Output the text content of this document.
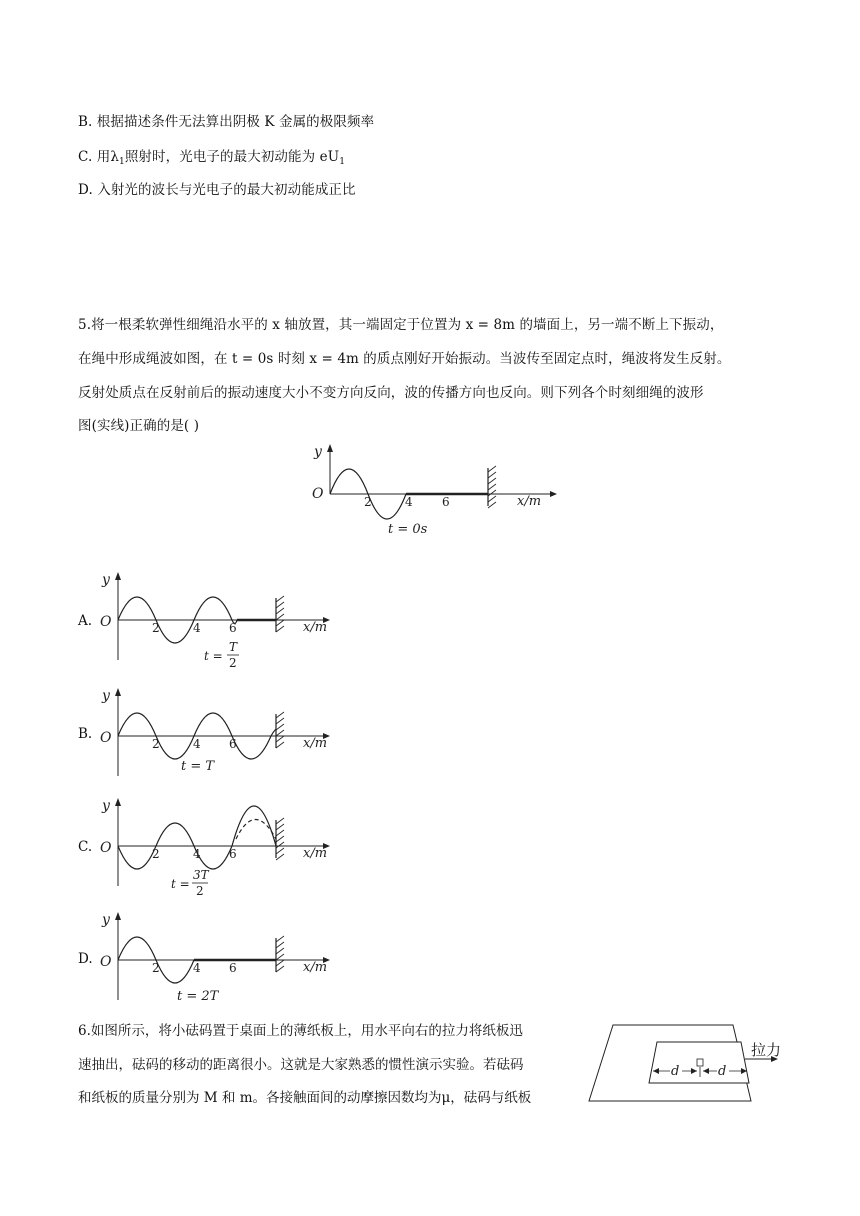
B. 根据描述条件无法算出阴极 K 金属的极限频率
C. 用$\lambda_1$照射时，光电子的最大初动能为 $eU_1$
D. 入射光的波长与光电子的最大初动能成正比
5.将一根柔软弹性细绳沿水平的 x 轴放置，其一端固定于位置为 x = 8m 的墙面上，另一端不断上下振动，
在绳中形成绳波如图，在 t = 0s 时刻 x = 4m 的质点刚好开始振动。当波传至固定点时，绳波将发生反射。
反射处质点在反射前后的振动速度大小不变方向反向，波的传播方向也反向。则下列各个时刻细绳的波形
图(实线)正确的是( )
y
O	2	4 6	x/m
t = 0s
A.
y
O	2	4 6	x/m
t =
T
2
B.
y
O	2	4 6	x/m
t = T
C.
y
O	2	4 6	x/m
t =
3T
2
D.
y
O	2	4 6	x/m
t = 2T
6.如图所示，将小砝码置于桌面上的薄纸板上，用水平向右的拉力将纸板迅
速抽出，砝码的移动的距离很小。这就是大家熟悉的惯性演示实验。若砝码
和纸板的质量分别为 M 和 m。各接触面间的动摩擦因数均为μ，砝码与纸板
d	d
拉力
